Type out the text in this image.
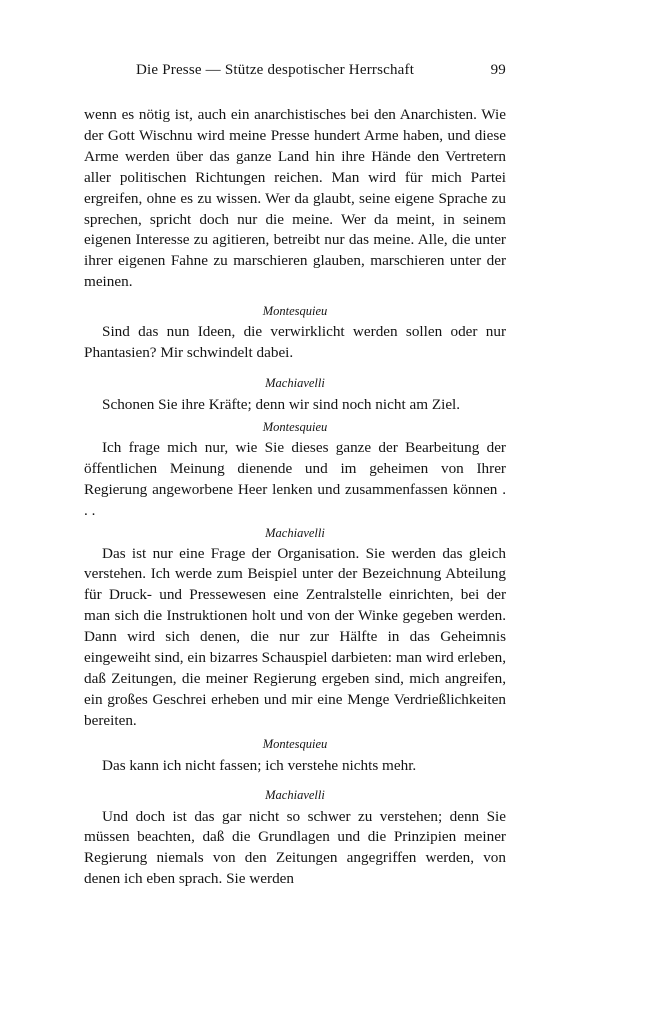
Die Presse — Stütze despotischer Herrschaft	99

wenn es nötig ist, auch ein anarchistisches bei den Anarchisten. Wie der Gott Wischnu wird meine Presse hundert Arme haben, und diese Arme werden über das ganze Land hin ihre Hände den Vertretern aller politischen Richtungen reichen. Man wird für mich Partei ergreifen, ohne es zu wissen. Wer da glaubt, seine eigene Sprache zu sprechen, spricht doch nur die meine. Wer da meint, in seinem eigenen Interesse zu agitieren, betreibt nur das meine. Alle, die unter ihrer eigenen Fahne zu marschieren glauben, marschieren unter der meinen.

Montesquieu

Sind das nun Ideen, die verwirklicht werden sollen oder nur Phantasien? Mir schwindelt dabei.

Machiavelli

Schonen Sie ihre Kräfte; denn wir sind noch nicht am Ziel.

Montesquieu

Ich frage mich nur, wie Sie dieses ganze der Bearbeitung der öffentlichen Meinung dienende und im geheimen von Ihrer Regierung angeworbene Heer lenken und zusammenfassen können . . .

Machiavelli

Das ist nur eine Frage der Organisation. Sie werden das gleich verstehen. Ich werde zum Beispiel unter der Bezeichnung Abteilung für Druck- und Pressewesen eine Zentralstelle einrichten, bei der man sich die Instruktionen holt und von der Winke gegeben werden. Dann wird sich denen, die nur zur Hälfte in das Geheimnis eingeweiht sind, ein bizarres Schauspiel darbieten: man wird erleben, daß Zeitungen, die meiner Regierung ergeben sind, mich angreifen, ein großes Geschrei erheben und mir eine Menge Verdrießlichkeiten bereiten.

Montesquieu

Das kann ich nicht fassen; ich verstehe nichts mehr.

Machiavelli

Und doch ist das gar nicht so schwer zu verstehen; denn Sie müssen beachten, daß die Grundlagen und die Prinzipien meiner Regierung niemals von den Zeitungen angegriffen werden, von denen ich eben sprach. Sie werden
